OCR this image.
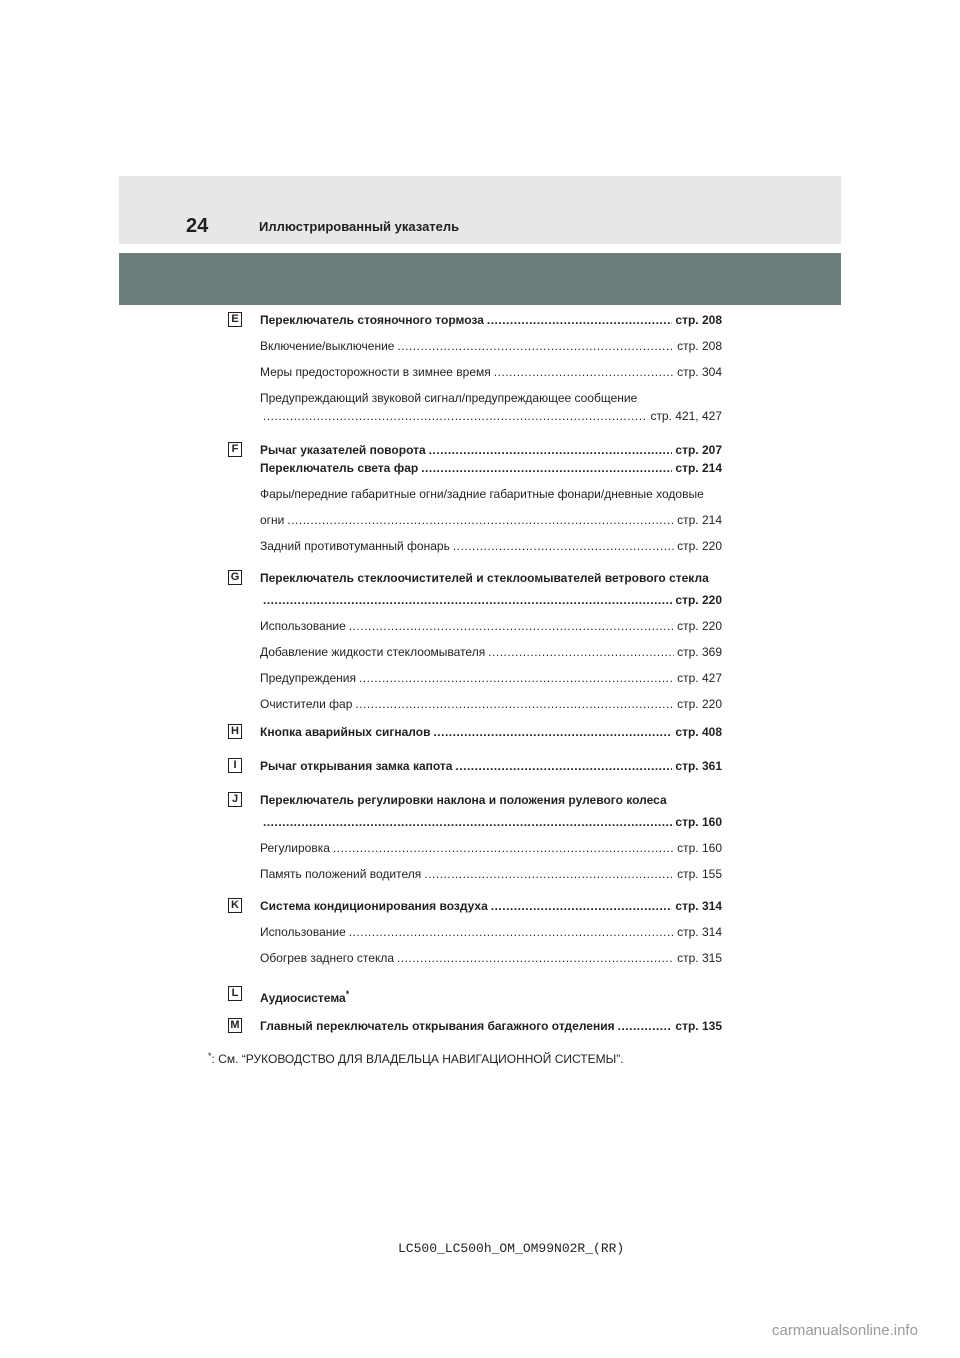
24	Иллюстрированный указатель
E Переключатель стояночного тормоза .....	стр. 208
Включение/выключение .....	стр. 208
Меры предосторожности в зимнее время .....	стр. 304
Предупреждающий звуковой сигнал/предупреждающее сообщение
.....
стр. 421, 427
F	Рычаг указателей поворота .....	стр. 207
Переключатель света фар .....	стр. 214
Фары/передние габаритные огни/задние габаритные фонари/дневные ходовые
огни .....	стр. 214
Задний противотуманный фонарь .....	стр. 220
G Переключатель стеклоочистителей и стеклоомывателей ветрового стекла
.....
стр. 220
Использование .....	стр. 220
Добавление жидкости стеклоомывателя .....	стр. 369
Предупреждения .....	стр. 427
Очистители фар .....	стр. 220
H Кнопка аварийных сигналов .....	стр. 408
I	Рычаг открывания замка капота .....	стр. 361
J	Переключатель регулировки наклона и положения рулевого колеса
.....
стр. 160
Регулировка .....	стр. 160
Память положений водителя .....	стр. 155
K Система кондиционирования воздуха .....	стр. 314
Использование .....	стр. 314
Обогрев заднего стекла .....	стр. 315
L	Аудиосистема*
M Главный переключатель открывания багажного отделения .....	стр. 135
*: См. “РУКОВОДСТВО ДЛЯ ВЛАДЕЛЬЦА НАВИГАЦИОННОЙ СИСТЕМЫ”.
LC500_LC500h_OM_OM99N02R_(RR)
carmanualsonline.info
